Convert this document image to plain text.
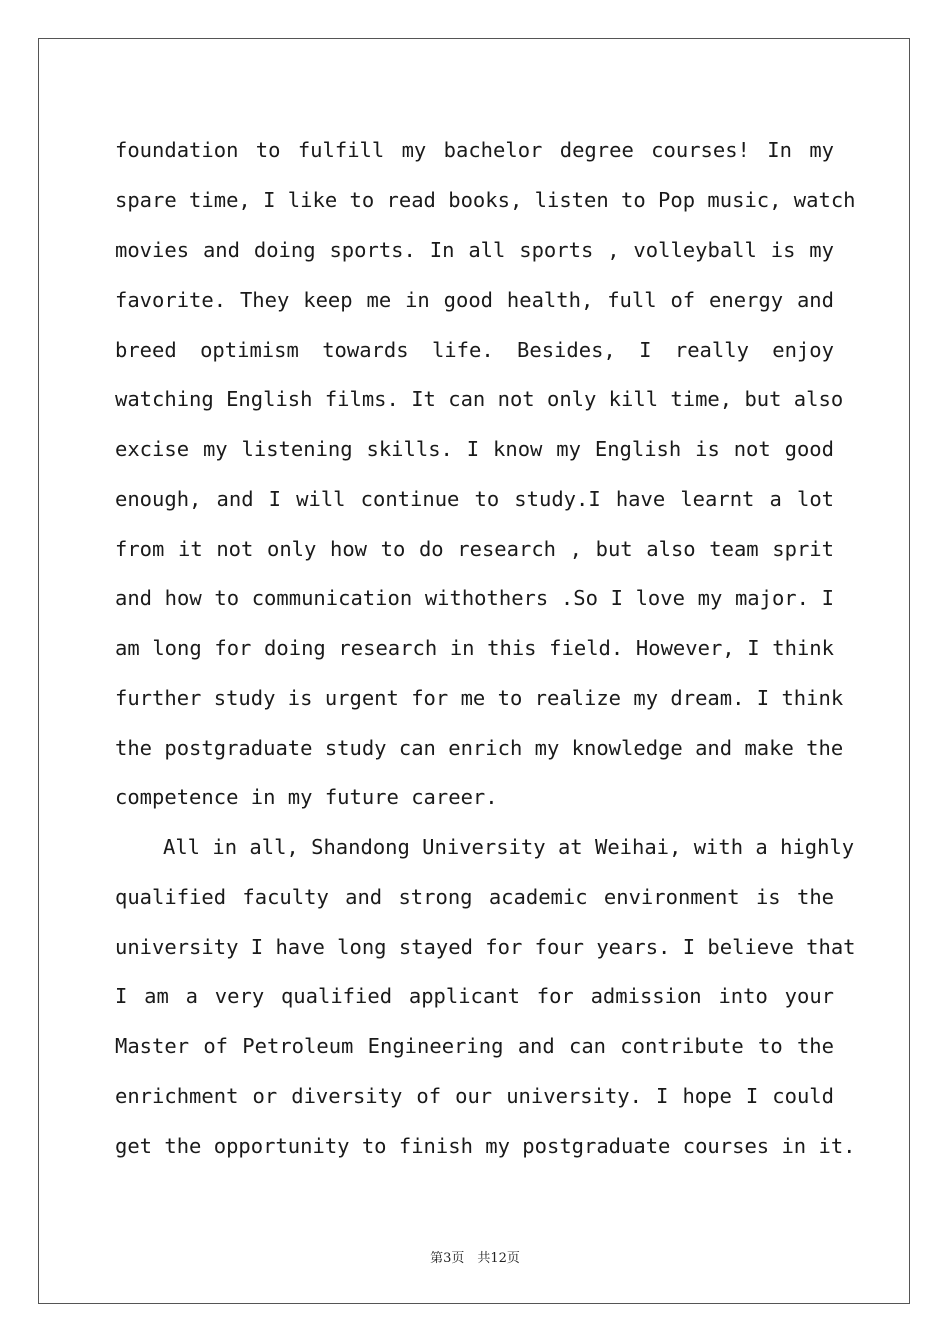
foundation to fulfill my bachelor degree courses! In my
spare time, I like to read books, listen to Pop music, watch
movies and doing sports. In all sports , volleyball is my
favorite. They keep me in good health, full of energy and
breed optimism towards life. Besides, I really enjoy
watching English films. It can not only kill time, but also
excise my listening skills. I know my English is not good
enough, and I will continue to study.I have learnt a lot
from it not only how to do research , but also team sprit
and how to communication withothers .So I love my major. I
am long for doing research in this field. However, I think
further study is urgent for me to realize my dream. I think
the postgraduate study can enrich my knowledge and make the
competence in my future career.
All in all, Shandong University at Weihai, with a highly
qualified faculty and strong academic environment is the
university I have long stayed for four years. I believe that
I am a very qualified applicant for admission into your
Master of Petroleum Engineering and can contribute to the
enrichment or diversity of our university. I hope I could
get the opportunity to finish my postgraduate courses in it.
第3页　共12页
